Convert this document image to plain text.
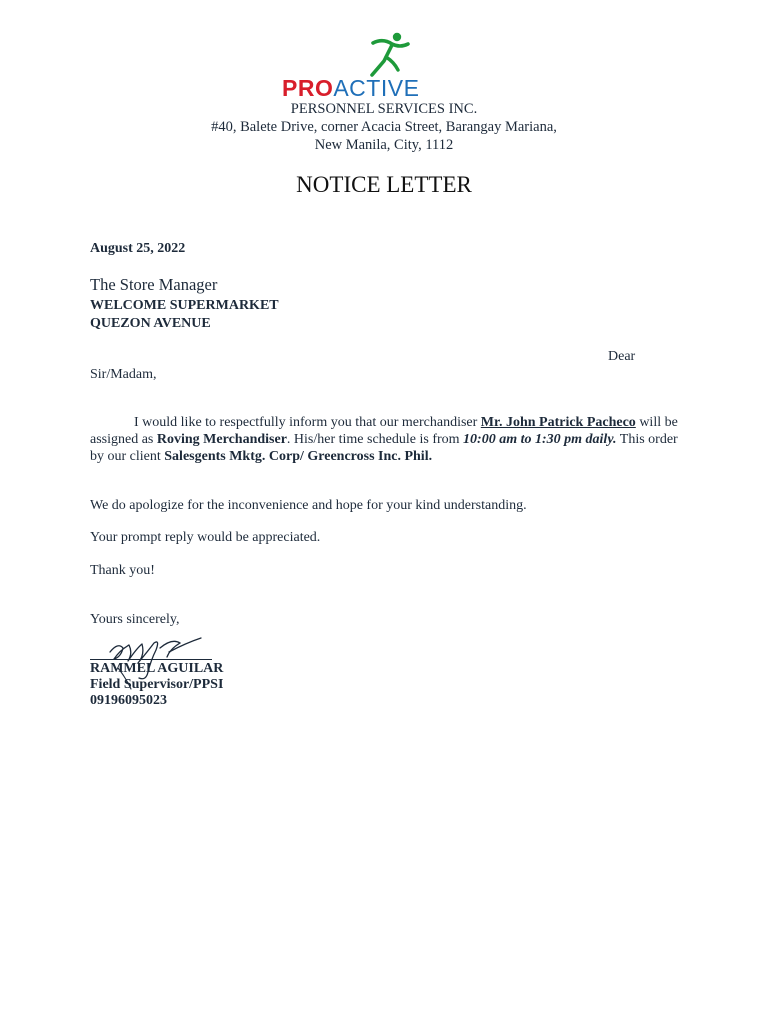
PROACTIVE
PERSONNEL SERVICES INC.
#40, Balete Drive, corner Acacia Street, Barangay Mariana,
New Manila, City, 1112
NOTICE LETTER
August 25, 2022
The Store Manager
WELCOME SUPERMARKET
QUEZON AVENUE
Dear
Sir/Madam,
I would like to respectfully inform you that our merchandiser Mr. John Patrick Pacheco will be assigned as Roving Merchandiser. His/her time schedule is from 10:00 am to 1:30 pm daily. This order by our client Salesgents Mktg. Corp/ Greencross Inc. Phil.
We do apologize for the inconvenience and hope for your kind understanding.
Your prompt reply would be appreciated.
Thank you!
Yours sincerely,
RAMMEL AGUILAR
Field Supervisor/PPSI
09196095023
